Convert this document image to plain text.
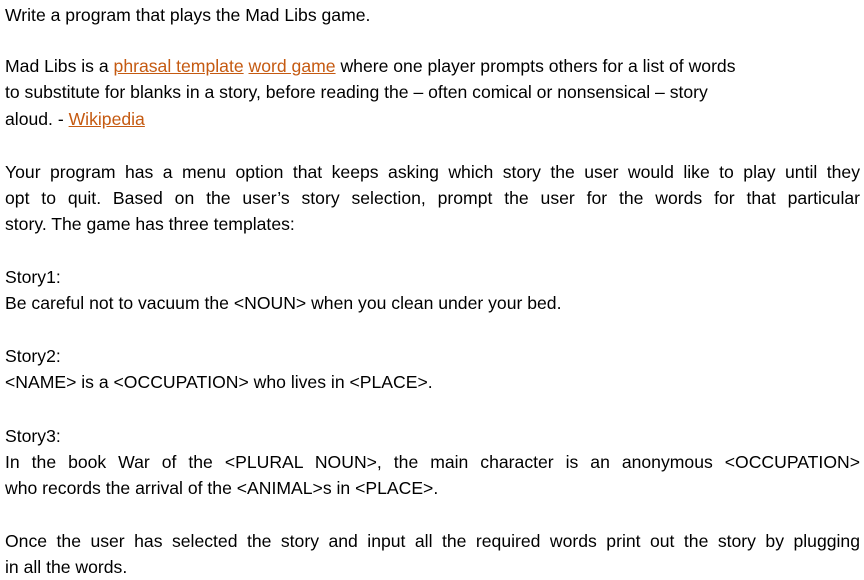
Write a program that plays the Mad Libs game.
Mad Libs is a phrasal template word game where one player prompts others for a list of words
to substitute for blanks in a story, before reading the – often comical or nonsensical – story
aloud. - Wikipedia
Your program has a menu option that keeps asking which story the user would like to play until they
opt to quit. Based on the user’s story selection, prompt the user for the words for that particular
story. The game has three templates:
Story1:
Be careful not to vacuum the <NOUN> when you clean under your bed.
Story2:
<NAME> is a <OCCUPATION> who lives in <PLACE>.
Story3:
In the book War of the <PLURAL NOUN>, the main character is an anonymous <OCCUPATION>
who records the arrival of the <ANIMAL>s in <PLACE>.
Once the user has selected the story and input all the required words print out the story by plugging
in all the words.
